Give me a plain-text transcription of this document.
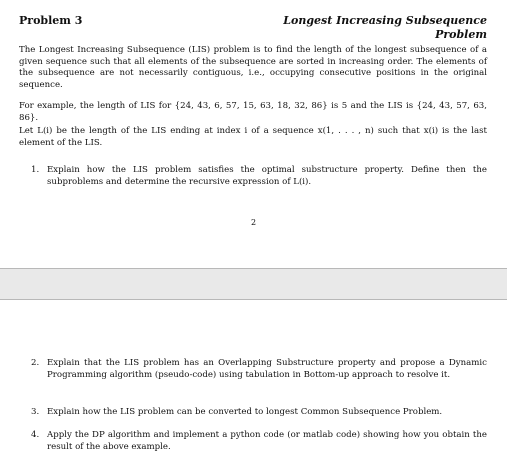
Problem 3	Longest Increasing Subsequence Problem

The Longest Increasing Subsequence (LIS) problem is to find the length of the longest subsequence of a given sequence such that all elements of the subsequence are sorted in increasing order. The elements of the subsequence are not necessarily contiguous, i.e., occupying consecutive positions in the original sequence.

For example, the length of LIS for {24, 43, 6, 57, 15, 63, 18, 32, 86} is 5 and the LIS is {24, 43, 57, 63, 86}.

Let L(i) be the length of the LIS ending at index i of a sequence x(1, . . . , n) such that x(i) is the last element of the LIS.

1. Explain how the LIS problem satisfies the optimal substructure property. Define then the subproblems and determine the recursive expression of L(i).
2
2. Explain that the LIS problem has an Overlapping Substructure property and propose a Dynamic Programming algorithm (pseudo-code) using tabulation in Bottom-up approach to resolve it.
3. Explain how the LIS problem can be converted to longest Common Subsequence Problem.
4. Apply the DP algorithm and implement a python code (or matlab code) showing how you obtain the result of the above example.
